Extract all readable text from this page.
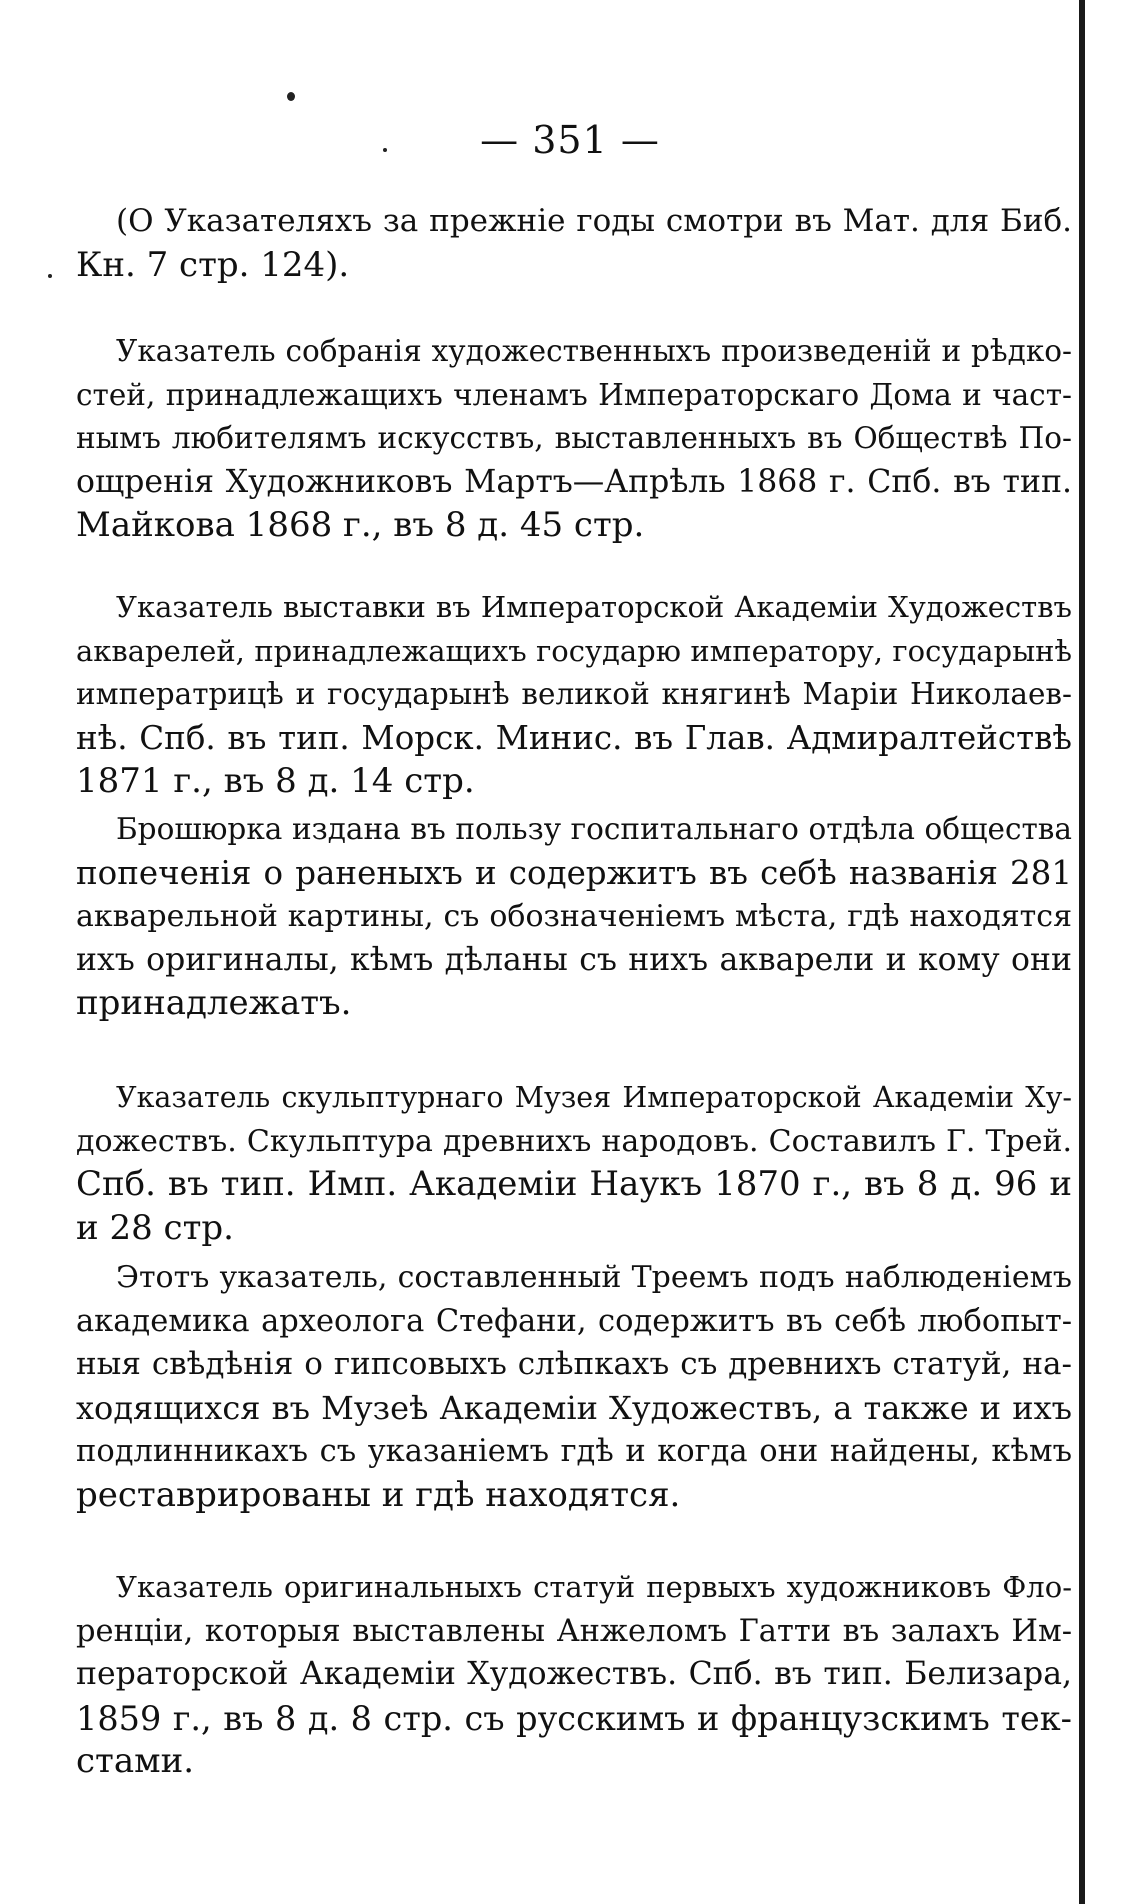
— 351 —
(О Указателяхъ за прежніе годы смотри въ Мат. для Биб.
Кн. 7 стр. 124).
Указатель собранія художественныхъ произведеній и рѣдко-
стей, принадлежащихъ членамъ Императорскаго Дома и част-
нымъ любителямъ искусствъ, выставленныхъ въ Обществѣ По-
ощренія Художниковъ Мартъ—Апрѣль 1868 г. Спб. въ тип.
Майкова 1868 г., въ 8 д. 45 стр.
Указатель выставки въ Императорской Академіи Художествъ
акварелей, принадлежащихъ государю императору, государынѣ
императрицѣ и государынѣ великой княгинѣ Маріи Николаев-
нѣ. Спб. въ тип. Морск. Минис. въ Глав. Адмиралтействѣ
1871 г., въ 8 д. 14 стр.
Брошюрка издана въ пользу госпитальнаго отдѣла общества
попеченія о раненыхъ и содержитъ въ себѣ названія 281
акварельной картины, съ обозначеніемъ мѣста, гдѣ находятся
ихъ оригиналы, кѣмъ дѣланы съ нихъ акварели и кому они
принадлежатъ.
Указатель скульптурнаго Музея Императорской Академіи Ху-
дожествъ. Скульптура древнихъ народовъ. Составилъ Г. Трей.
Спб. въ тип. Имп. Академіи Наукъ 1870 г., въ 8 д. 96 и
и 28 стр.
Этотъ указатель, составленный Треемъ подъ наблюденіемъ
академика археолога Стефани, содержитъ въ себѣ любопыт-
ныя свѣдѣнія о гипсовыхъ слѣпкахъ съ древнихъ статуй, на-
ходящихся въ Музеѣ Академіи Художествъ, а также и ихъ
подлинникахъ съ указаніемъ гдѣ и когда они найдены, кѣмъ
реставрированы и гдѣ находятся.
Указатель оригинальныхъ статуй первыхъ художниковъ Фло-
ренціи, которыя выставлены Анжеломъ Гатти въ залахъ Им-
ператорской Академіи Художествъ. Спб. въ тип. Белизара,
1859 г., въ 8 д. 8 стр. съ русскимъ и французскимъ тек-
стами.
